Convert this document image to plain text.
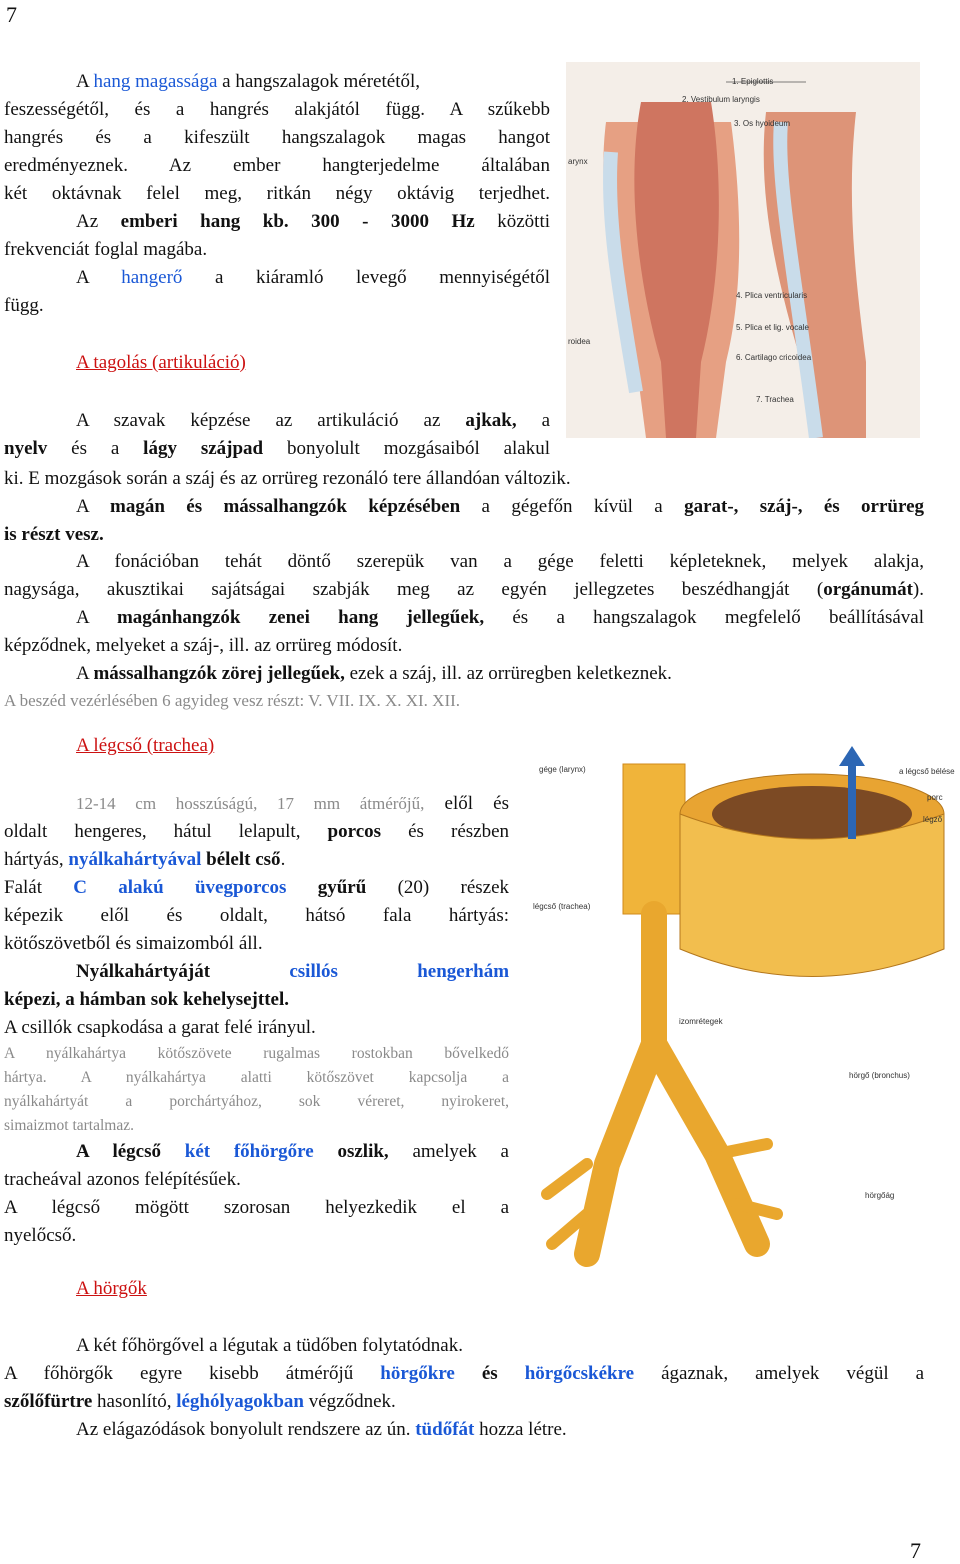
7
7
A hang magassága a hangszalagok méretétől,
feszességétől, és a hangrés alakjától függ. A szűkebb
hangrés és a kifeszült hangszalagok magas hangot
eredményeznek. Az ember hangterjedelme általában
két oktávnak felel meg, ritkán négy oktávig terjedhet.
Az emberi hang kb. 300 - 3000 Hz közötti
frekvenciát foglal magába.
A hangerő a kiáramló levegő mennyiségétől
függ.
A tagolás (artikuláció)
A szavak képzése az artikuláció az ajkak, a
nyelv és a lágy szájpad bonyolult mozgásaiból alakul
ki. E mozgások során a száj és az orrüreg rezonáló tere állandóan változik.
A magán és mássalhangzók képzésében a gégefőn kívül a garat-, száj-, és orrüreg
is részt vesz.
A fonációban tehát döntő szerepük van a gége feletti képleteknek, melyek alakja,
nagysága, akusztikai sajátságai szabják meg az egyén jellegzetes beszédhangját (orgánumát).
A magánhangzók zenei hang jellegűek, és a hangszalagok megfelelő beállításával
képződnek, melyeket a száj-, ill. az orrüreg módosít.
A mássalhangzók zörej jellegűek, ezek a száj, ill. az orrüregben keletkeznek.
A beszéd vezérlésében 6 agyideg vesz részt: V. VII. IX. X. XI. XII.
1. Epiglottis
2. Vestibulum laryngis
3. Os hyoideum
4. Plica ventricularis
5. Plica et lig. vocale
6. Cartilago cricoidea
7. Trachea
arynx
roidea
A légcső (trachea)
12-14 cm hosszúságú, 17 mm átmérőjű, elől és
oldalt hengeres, hátul lelapult, porcos és részben
hártyás, nyálkahártyával bélelt cső.
Falát C alakú üvegporcos gyűrű (20) részek
képezik elől és oldalt, hátsó fala hártyás:
kötőszövetből és simaizomból áll.
Nyálkahártyáját	csillós	hengerhám
képezi, a hámban sok kehelysejttel.
A csillók csapkodása a garat felé irányul.
A nyálkahártya kötőszövete rugalmas rostokban bővelkedő
hártya. A nyálkahártya alatti kötőszövet kapcsolja a
nyálkahártyát a porchártyához, sok véreret, nyirokeret,
simaizmot tartalmaz.
A légcső két főhörgőre oszlik, amelyek a
tracheával azonos felépítésűek.
A légcső mögött szorosan helyezkedik el a
nyelőcső.
gége (larynx)	a légcső bélése
porc
légző
légcső (trachea)
izomrétegek
hörgő (bronchus)
hörgőág
A hörgők
A két főhörgővel a légutak a tüdőben folytatódnak.
A főhörgők egyre kisebb átmérőjű hörgőkre és hörgőcskékre ágaznak, amelyek végül a
szőlőfürtre hasonlító, léghólyagokban végződnek.
Az elágazódások bonyolult rendszere az ún. tüdőfát hozza létre.
